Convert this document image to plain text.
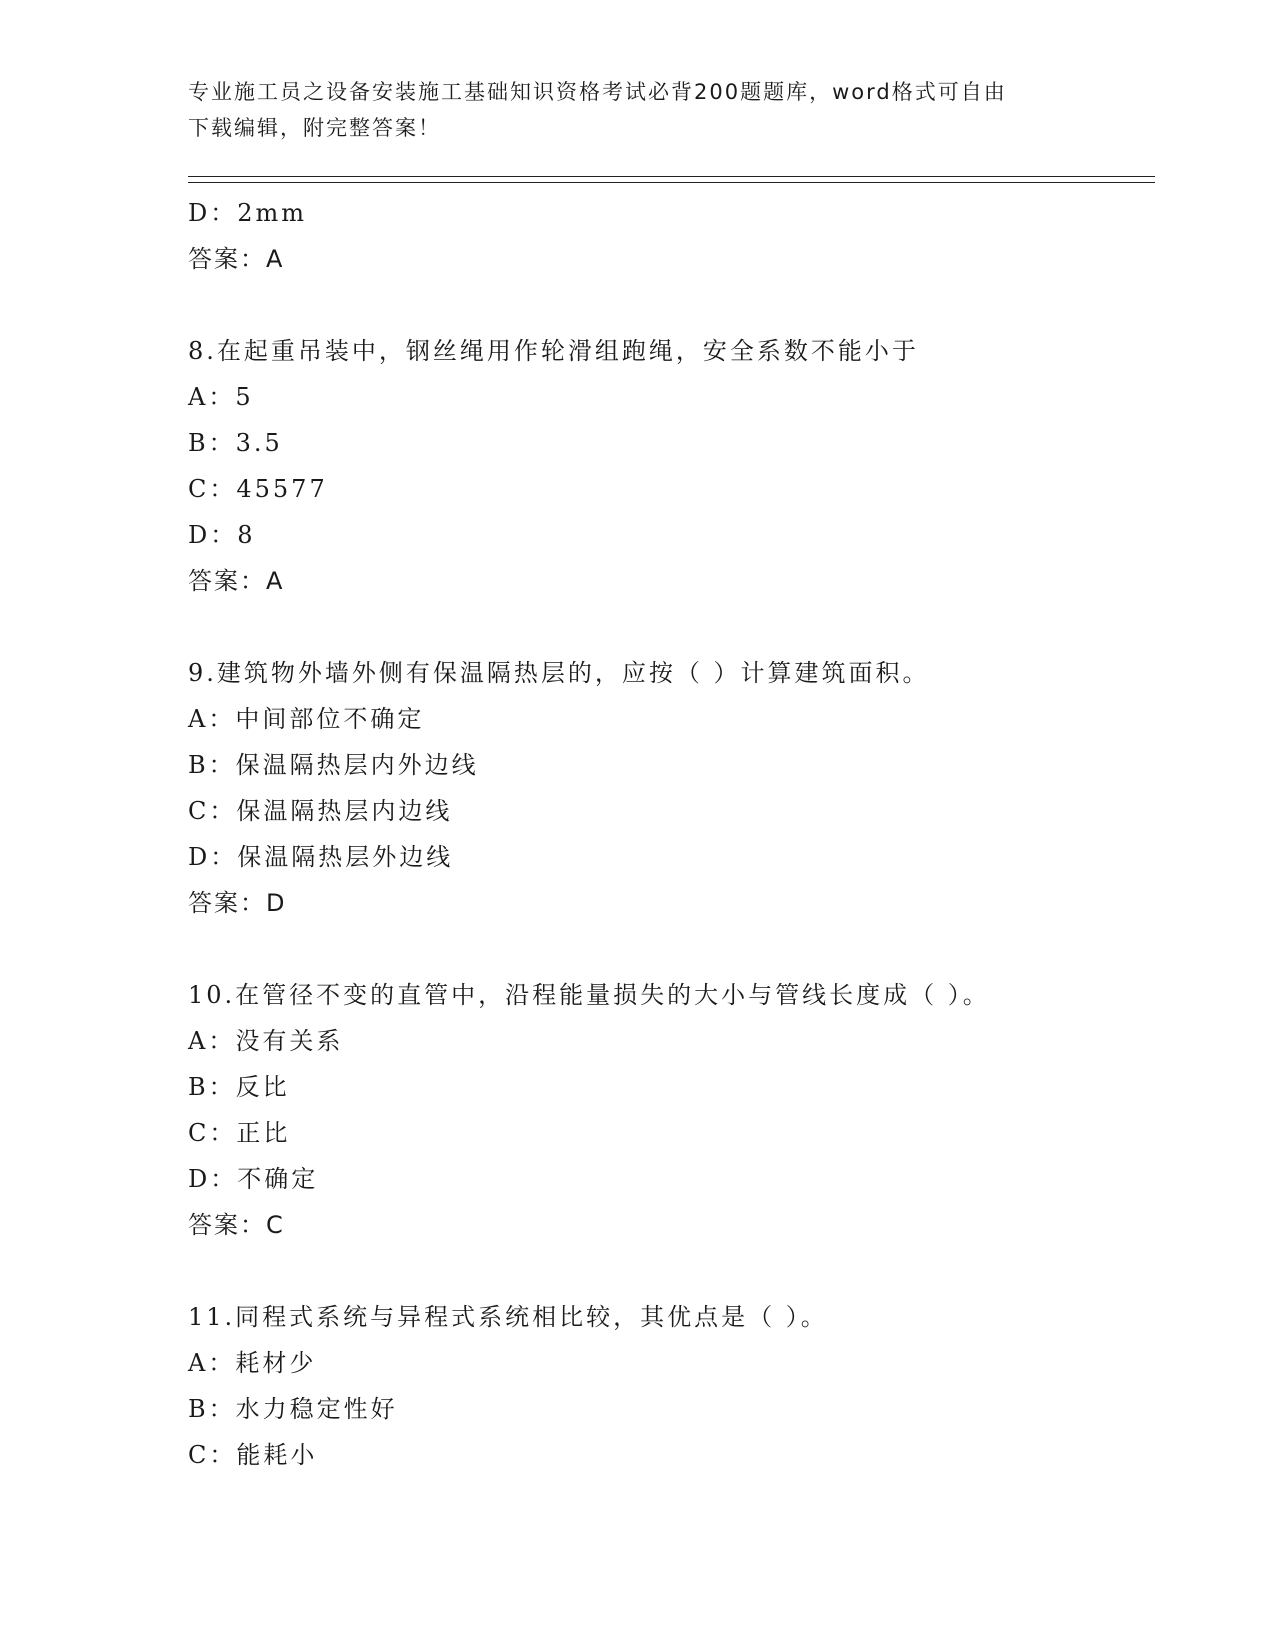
专业施工员之设备安装施工基础知识资格考试必背200题题库，word格式可自由
下载编辑，附完整答案！
D：2mm
答案：A
8.在起重吊装中，钢丝绳用作轮滑组跑绳，安全系数不能小于
A：5
B：3.5
C：45577
D：8
答案：A
9.建筑物外墙外侧有保温隔热层的，应按（ ）计算建筑面积。
A：中间部位不确定
B：保温隔热层内外边线
C：保温隔热层内边线
D：保温隔热层外边线
答案：D
10.在管径不变的直管中，沿程能量损失的大小与管线长度成（ ）。
A：没有关系
B：反比
C：正比
D：不确定
答案：C
11.同程式系统与异程式系统相比较，其优点是（ ）。
A：耗材少
B：水力稳定性好
C：能耗小
